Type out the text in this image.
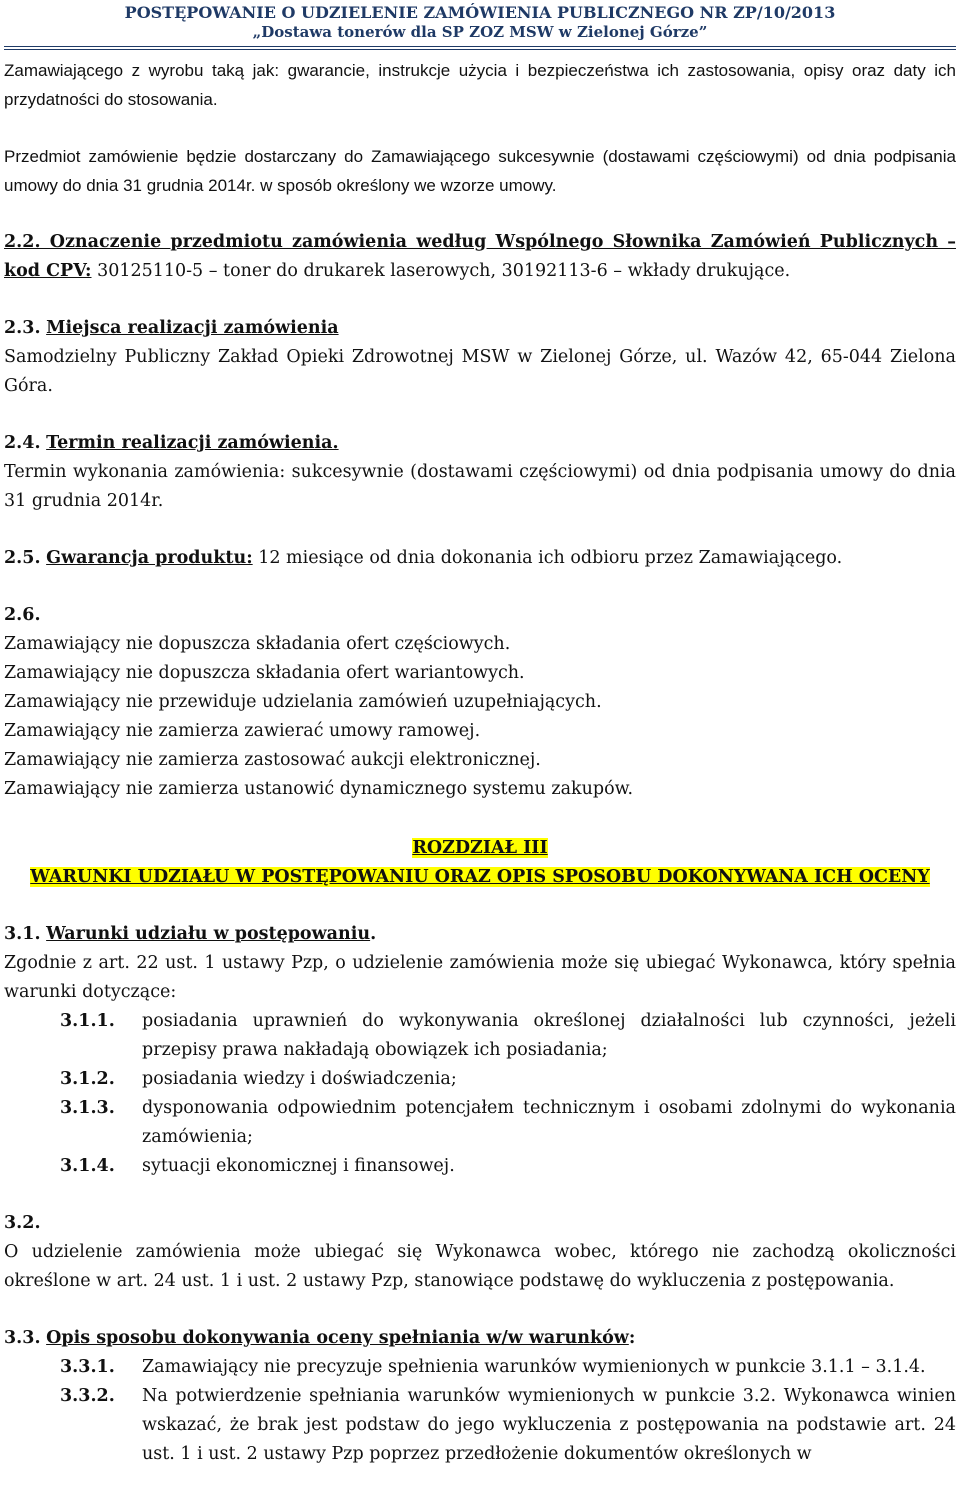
POSTĘPOWANIE O UDZIELENIE ZAMÓWIENIA PUBLICZNEGO NR ZP/10/2013
„Dostawa tonerów dla SP ZOZ MSW w Zielonej Górze”

Zamawiającego z wyrobu taką jak: gwarancie, instrukcje użycia i bezpieczeństwa ich zastosowania, opisy oraz daty ich przydatności do stosowania.

Przedmiot zamówienie będzie dostarczany do Zamawiającego sukcesywnie (dostawami częściowymi) od dnia podpisania umowy do dnia 31 grudnia 2014r. w sposób określony we wzorze umowy.

2.2. Oznaczenie przedmiotu zamówienia według Wspólnego Słownika Zamówień Publicznych – kod CPV: 30125110-5 – toner do drukarek laserowych, 30192113-6 – wkłady drukujące.

2.3. Miejsca realizacji zamówienia

Samodzielny Publiczny Zakład Opieki Zdrowotnej MSW w Zielonej Górze, ul. Wazów 42, 65-044 Zielona Góra.

2.4. Termin realizacji zamówienia.

Termin wykonania zamówienia: sukcesywnie (dostawami częściowymi) od dnia podpisania umowy do dnia 31 grudnia 2014r.

2.5. Gwarancja produktu: 12 miesiące od dnia dokonania ich odbioru przez Zamawiającego.

2.6.

Zamawiający nie dopuszcza składania ofert częściowych.

Zamawiający nie dopuszcza składania ofert wariantowych.

Zamawiający nie przewiduje udzielania zamówień uzupełniających.

Zamawiający nie zamierza zawierać umowy ramowej.

Zamawiający nie zamierza zastosować aukcji elektronicznej.

Zamawiający nie zamierza ustanowić dynamicznego systemu zakupów.

ROZDZIAŁ III
WARUNKI UDZIAŁU W POSTĘPOWANIU ORAZ OPIS SPOSOBU DOKONYWANA ICH OCENY

3.1. Warunki udziału w postępowaniu.

Zgodnie z art. 22 ust. 1 ustawy Pzp, o udzielenie zamówienia może się ubiegać Wykonawca, który spełnia warunki dotyczące:

3.1.1.	posiadania uprawnień do wykonywania określonej działalności lub czynności, jeżeli przepisy prawa nakładają obowiązek ich posiadania;
3.1.2.	posiadania wiedzy i doświadczenia;
3.1.3.	dysponowania odpowiednim potencjałem technicznym i osobami zdolnymi do wykonania zamówienia;
3.1.4.	sytuacji ekonomicznej i finansowej.

3.2.

O udzielenie zamówienia może ubiegać się Wykonawca wobec, którego nie zachodzą okoliczności określone w art. 24 ust. 1 i ust. 2 ustawy Pzp, stanowiące podstawę do wykluczenia z postępowania.

3.3. Opis sposobu dokonywania oceny spełniania w/w warunków:

3.3.1.	Zamawiający nie precyzuje spełnienia warunków wymienionych w punkcie 3.1.1 – 3.1.4.
3.3.2.	Na potwierdzenie spełniania warunków wymienionych w punkcie 3.2. Wykonawca winien wskazać, że brak jest podstaw do jego wykluczenia z postępowania na podstawie art. 24 ust. 1 i ust. 2 ustawy Pzp poprzez przedłożenie dokumentów określonych w
